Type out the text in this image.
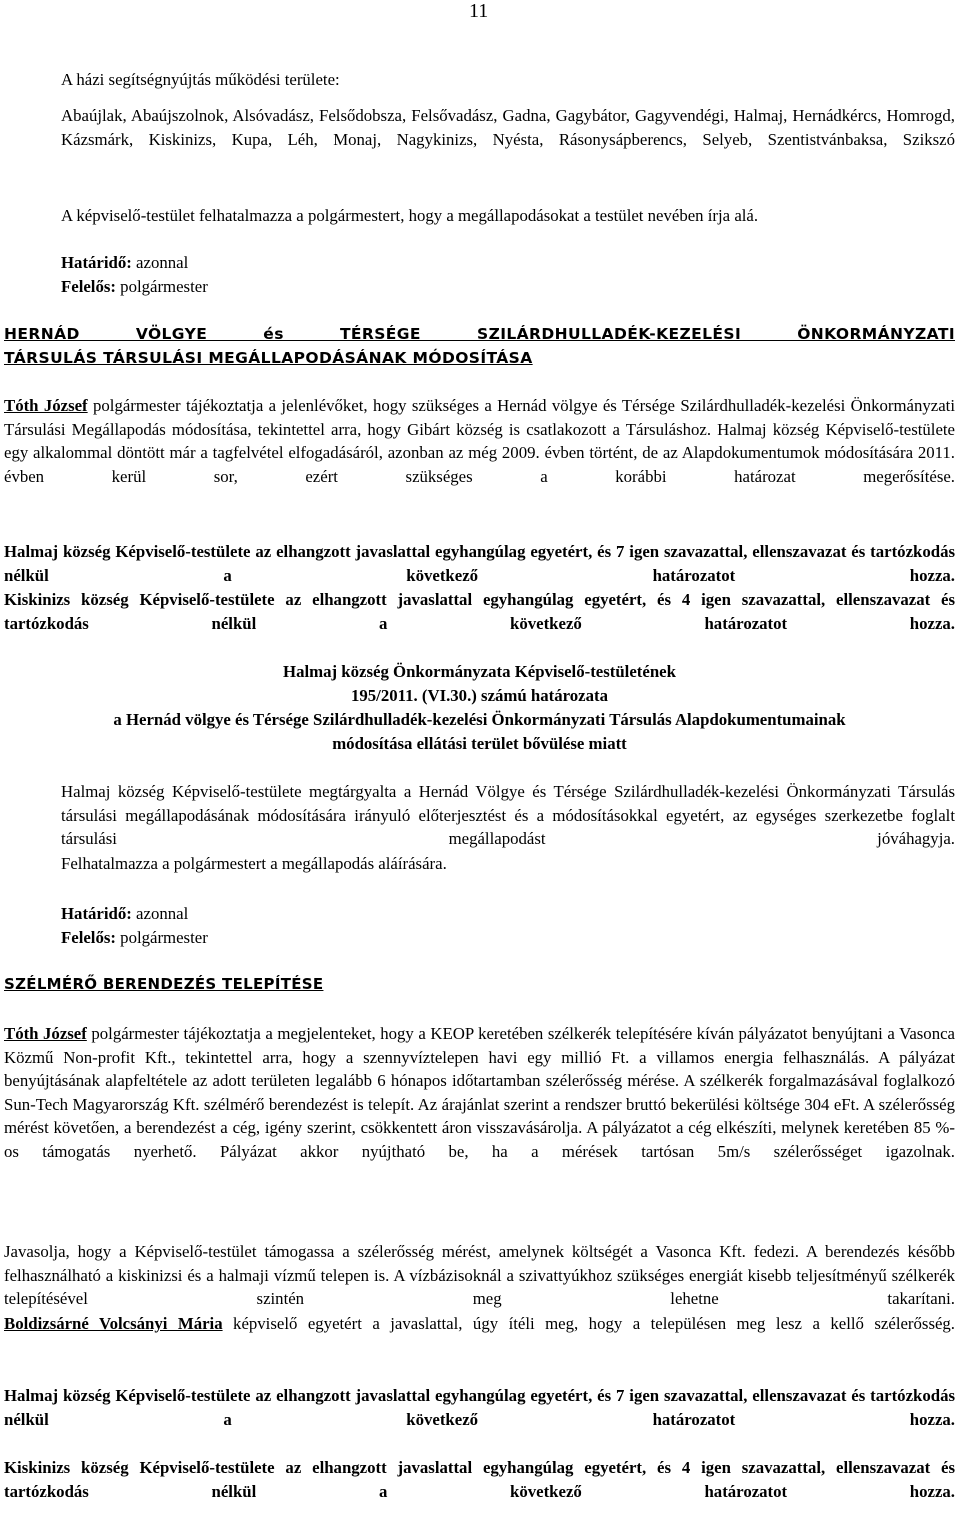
11

A házi segítségnyújtás működési területe:

Abaújlak, Abaújszolnok, Alsóvadász, Felsődobsza, Felsővadász, Gadna, Gagybátor, Gagyvendégi, Halmaj, Hernádkércs, Homrogd, Kázsmárk, Kiskinizs, Kupa, Léh, Monaj, Nagykinizs, Nyésta, Rásonysápberencs, Selyeb, Szentistvánbaksa, Szikszó

A képviselő-testület felhatalmazza a polgármestert, hogy a megállapodásokat a testület nevében írja alá.

Határidő: azonnal

Felelős: polgármester

HERNÁD VÖLGYE és TÉRSÉGE SZILÁRDHULLADÉK-KEZELÉSI ÖNKORMÁNYZATI

TÁRSULÁS TÁRSULÁSI MEGÁLLAPODÁSÁNAK MÓDOSÍTÁSA

Tóth József polgármester tájékoztatja a jelenlévőket, hogy szükséges a Hernád völgye és Térsége Szilárdhulladék-kezelési Önkormányzati Társulási Megállapodás módosítása, tekintettel arra, hogy Gibárt község is csatlakozott a Társuláshoz. Halmaj község Képviselő-testülete egy alkalommal döntött már a tagfelvétel elfogadásáról, azonban az még 2009. évben történt, de az Alapdokumentumok módosítására 2011. évben kerül sor, ezért szükséges a korábbi határozat megerősítése.

Halmaj község Képviselő-testülete az elhangzott javaslattal egyhangúlag egyetért, és 7 igen szavazattal, ellenszavazat és tartózkodás nélkül a következő határozatot hozza.

Kiskinizs község Képviselő-testülete az elhangzott javaslattal egyhangúlag egyetért, és 4 igen szavazattal, ellenszavazat és tartózkodás nélkül a következő határozatot hozza.

Halmaj község Önkormányzata Képviselő-testületének

195/2011. (VI.30.) számú határozata

a Hernád völgye és Térsége Szilárdhulladék-kezelési Önkormányzati Társulás Alapdokumentumainak

módosítása ellátási terület bővülése miatt

Halmaj község Képviselő-testülete megtárgyalta a Hernád Völgye és Térsége Szilárdhulladék-kezelési Önkormányzati Társulás társulási megállapodásának módosítására irányuló előterjesztést és a módosításokkal egyetért, az egységes szerkezetbe foglalt társulási megállapodást jóváhagyja.

Felhatalmazza a polgármestert a megállapodás aláírására.

Határidő: azonnal

Felelős: polgármester

SZÉLMÉRŐ BERENDEZÉS TELEPÍTÉSE

Tóth József polgármester tájékoztatja a megjelenteket, hogy a KEOP keretében szélkerék telepítésére kíván pályázatot benyújtani a Vasonca Közmű Non-profit Kft., tekintettel arra, hogy a szennyvíztelepen havi egy millió Ft. a villamos energia felhasználás. A pályázat benyújtásának alapfeltétele az adott területen legalább 6 hónapos időtartamban szélerősség mérése. A szélkerék forgalmazásával foglalkozó Sun-Tech Magyarország Kft. szélmérő berendezést is telepít. Az árajánlat szerint a rendszer bruttó bekerülési költsége 304 eFt. A szélerősség mérést követően, a berendezést a cég, igény szerint, csökkentett áron visszavásárolja. A pályázatot a cég elkészíti, melynek keretében 85 %-os támogatás nyerhető. Pályázat akkor nyújtható be, ha a mérések tartósan 5m/s szélerősséget igazolnak.

Javasolja, hogy a Képviselő-testület támogassa a szélerősség mérést, amelynek költségét a Vasonca Kft. fedezi. A berendezés később felhasználható a kiskinizsi és a halmaji vízmű telepen is. A vízbázisoknál a szivattyúkhoz szükséges energiát kisebb teljesítményű szélkerék telepítésével szintén meg lehetne takarítani.

Boldizsárné Volcsányi Mária képviselő egyetért a javaslattal, úgy ítéli meg, hogy a településen meg lesz a kellő szélerősség.

Halmaj község Képviselő-testülete az elhangzott javaslattal egyhangúlag egyetért, és 7 igen szavazattal, ellenszavazat és tartózkodás nélkül a következő határozatot hozza.

Kiskinizs község Képviselő-testülete az elhangzott javaslattal egyhangúlag egyetért, és 4 igen szavazattal, ellenszavazat és tartózkodás nélkül a következő határozatot hozza.
